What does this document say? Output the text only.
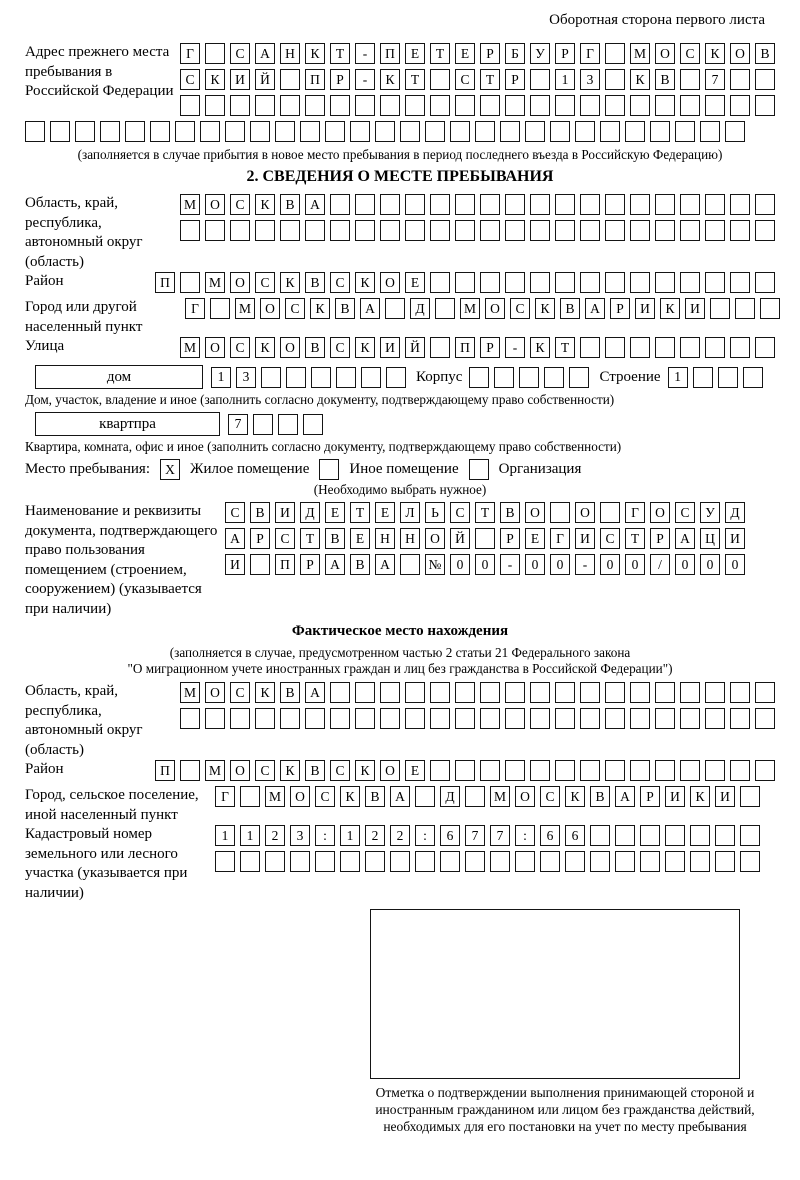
Оборотная сторона первого листа
Адрес прежнего места пребывания в Российской Федерации
Г	С	А	Н	К	Т	-	П	Е	Т	Е	Р	Б	У	Р	Г	М	О	С	К	О	В
С	К	И	Й	П	Р	-	К	Т	С	Т	Р	1	3	К	В	7
(заполняется в случае прибытия в новое место пребывания в период последнего въезда в Российскую Федерацию)
2. СВЕДЕНИЯ О МЕСТЕ ПРЕБЫВАНИЯ
Область, край, республика, автономный округ (область)
М	О	С	К	В	А
Район	П	М	О	С	К	В	С	К	О	Е
Город или другой населенный пункт
Г	М	О	С	К	В	А	Д	М	О	С	К	В	А	Р	И	К	И
Улица	М	О	С	К	О	В	С	К	И	Й	П	Р	-	К	Т
дом	1	3	Корпус	Строение	1
Дом, участок, владение и иное (заполнить согласно документу, подтверждающему право собственности)
квартпра	7
Квартира, комната, офис и иное (заполнить согласно документу, подтверждающему право собственности)
Место пребывания:	X	Жилое помещение	Иное помещение	Организация
(Необходимо выбрать нужное)
Наименование и реквизиты документа, подтверждающего право пользования помещением (строением, сооружением) (указывается при наличии)
С	В	И	Д	Е	Т	Е	Л	Ь	С	Т	В	О	О	Г	О	С	У	Д
А	Р	С	Т	В	Е	Н	Н	О	Й	Р	Е	Г	И	С	Т	Р	А	Ц	И
И	П	Р	А	В	А	№	0	0	-	0	0	-	0	0	/	0	0	0
Фактическое место нахождения
(заполняется в случае, предусмотренном частью 2 статьи 21 Федерального закона
"О миграционном учете иностранных граждан и лиц без гражданства в Российской Федерации")
Область, край, республика, автономный округ (область)
М	О	С	К	В	А
Район	П	М	О	С	К	В	С	К	О	Е
Город, сельское поселение, иной населенный пункт
Г	М	О	С	К	В	А	Д	М	О	С	К	В	А	Р	И	К	И
Кадастровый номер земельного или лесного участка (указывается при наличии)
1	1	2	3	:	1	2	2	:	6	7	7	:	6	6
Отметка о подтверждении выполнения принимающей стороной и иностранным гражданином или лицом без гражданства действий, необходимых для его постановки на учет по месту пребывания
